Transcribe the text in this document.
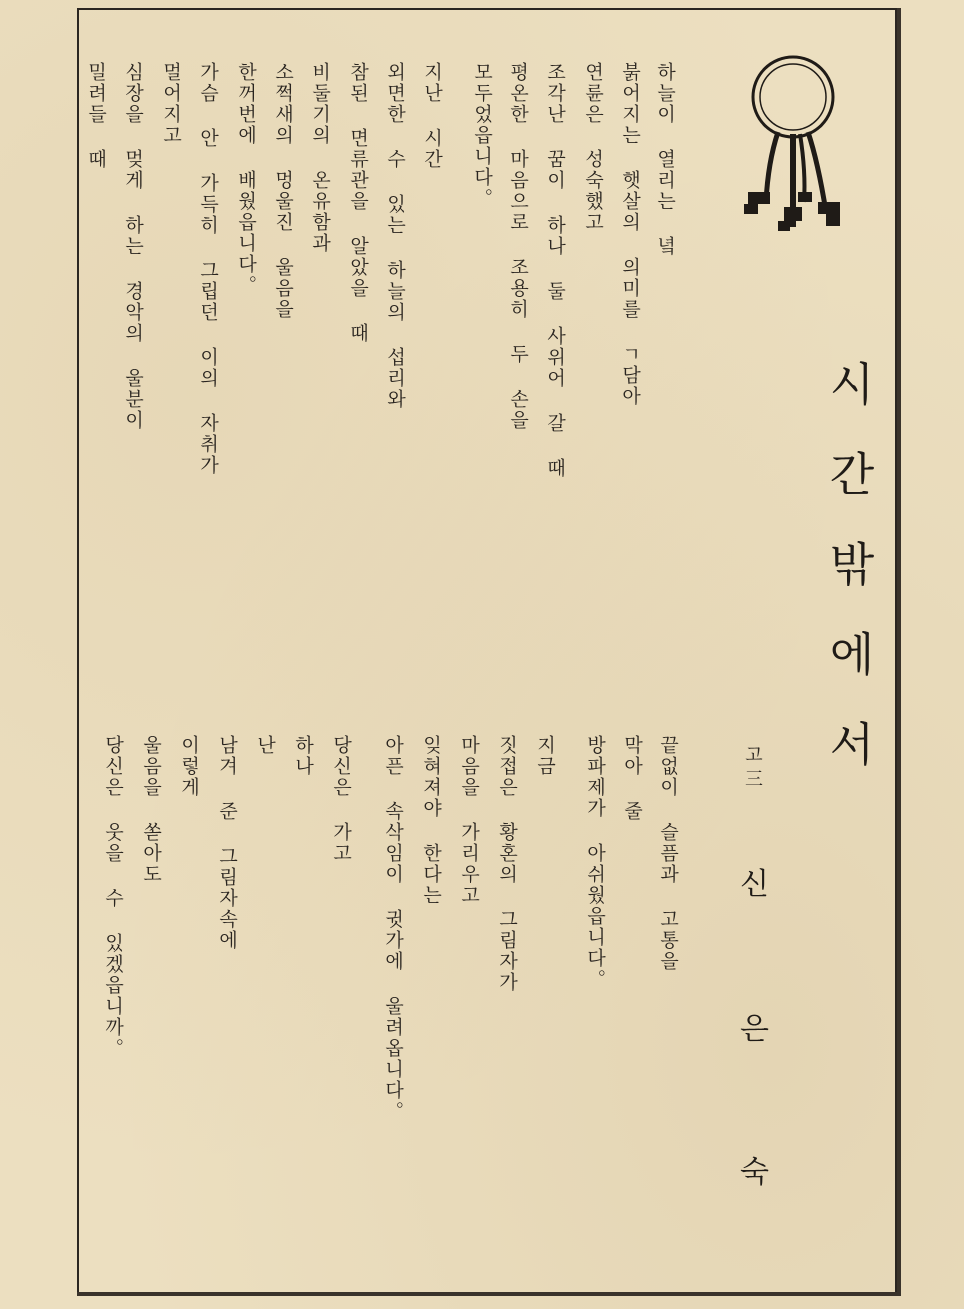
시간밖에서
고三
신
은
숙
하늘이 열리는 녘
붉어지는 햇살의 의미를 ㄱ담아
연륜은 성숙했고
조각난 꿈이 하나 둘 사위어 갈 때
평온한 마음으로 조용히 두 손을
모두었읍니다。
지난 시간
외면한 수 있는 하늘의 섭리와
참된 면류관을 알았을 때
비둘기의 온유함과
소쩍새의 멍울진 울음을
한꺼번에 배웠읍니다。
가슴 안 가득히 그립던 이의 자취가
멀어지고
심장을 멎게 하는 경악의 울분이
밀려들 때
끝없이 슬픔과 고통을
막아 줄
방파제가 아쉬웠읍니다。
지금
짓접은 황혼의 그림자가
마음을 가리우고
잊혀져야 한다는
아픈 속삭임이 귓가에 울려옵니다。
당신은 가고
하나
난
남겨 준 그림자속에
이렇게
울음을 쏟아도
당신은 웃을 수 있겠읍니까。
